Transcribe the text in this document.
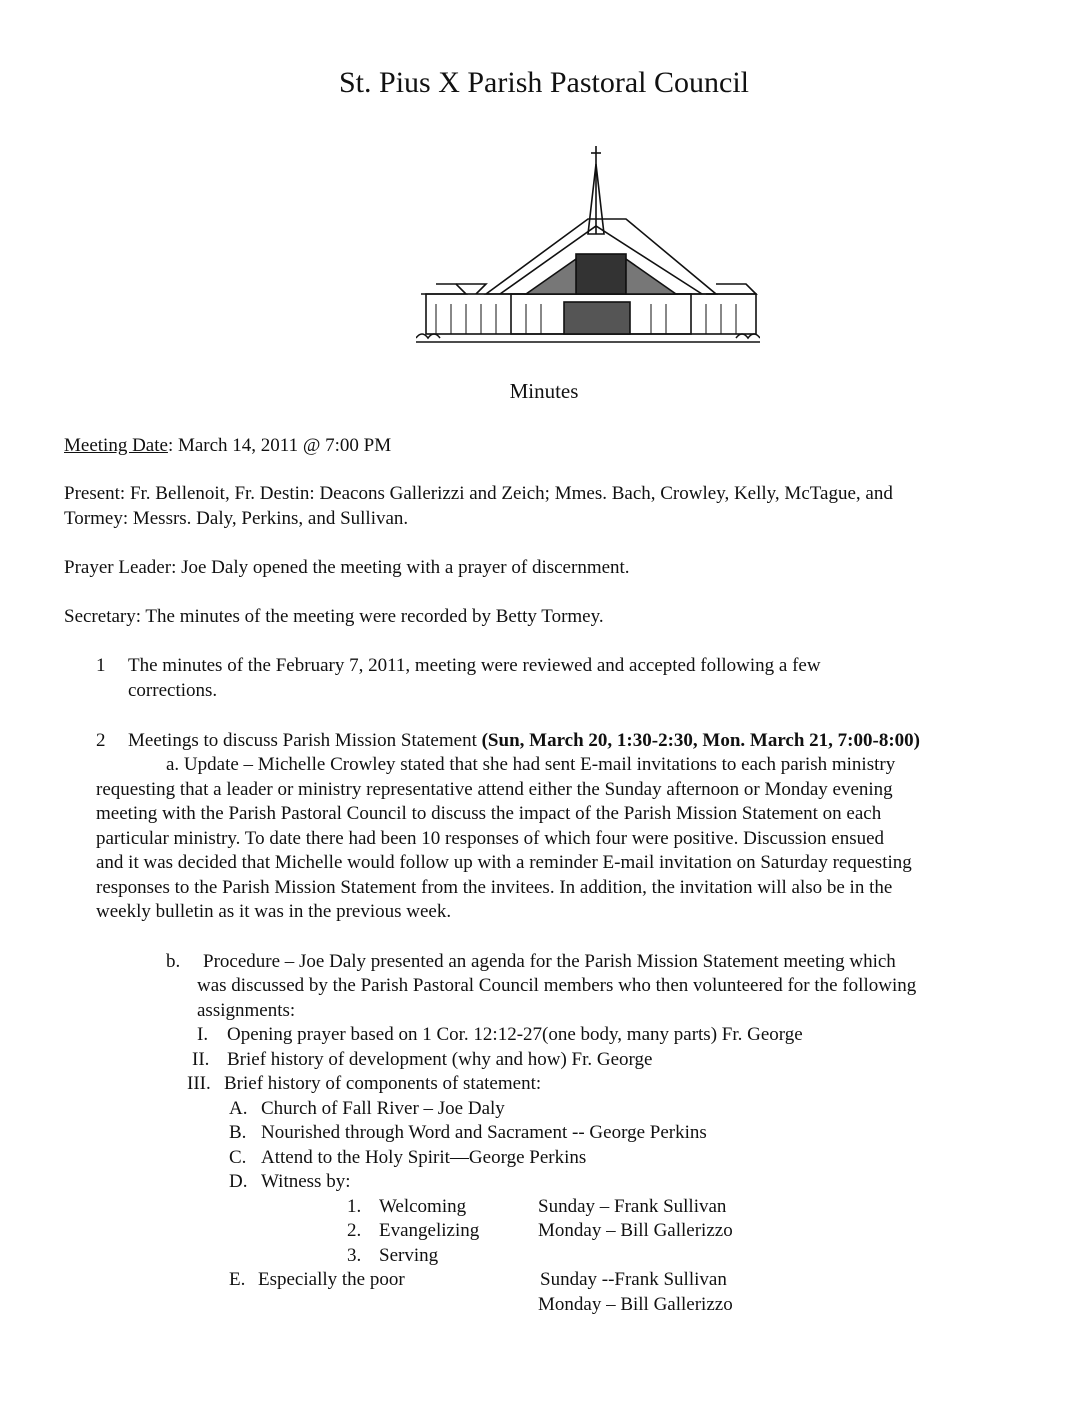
St. Pius X Parish Pastoral Council
Minutes
Meeting Date: March 14, 2011 @ 7:00 PM
Present: Fr. Bellenoit, Fr. Destin: Deacons Gallerizzi and Zeich; Mmes. Bach, Crowley, Kelly, McTague, and
Tormey: Messrs. Daly, Perkins, and Sullivan.
Prayer Leader: Joe Daly opened the meeting with a prayer of discernment.
Secretary: The minutes of the meeting were recorded by Betty Tormey.
1 The minutes of the February 7, 2011, meeting were reviewed and accepted following a few
corrections.
2 Meetings to discuss Parish Mission Statement (Sun, March 20, 1:30-2:30, Mon. March 21, 7:00-8:00)
a. Update – Michelle Crowley stated that she had sent E-mail invitations to each parish ministry
requesting that a leader or ministry representative attend either the Sunday afternoon or Monday evening
meeting with the Parish Pastoral Council to discuss the impact of the Parish Mission Statement on each
particular ministry. To date there had been 10 responses of which four were positive. Discussion ensued
and it was decided that Michelle would follow up with a reminder E-mail invitation on Saturday requesting
responses to the Parish Mission Statement from the invitees. In addition, the invitation will also be in the
weekly bulletin as it was in the previous week.
b. Procedure – Joe Daly presented an agenda for the Parish Mission Statement meeting which
was discussed by the Parish Pastoral Council members who then volunteered for the following
assignments:
I. Opening prayer based on 1 Cor. 12:12-27(one body, many parts) Fr. George
II. Brief history of development (why and how) Fr. George
III. Brief history of components of statement:
A. Church of Fall River – Joe Daly
B. Nourished through Word and Sacrament -- George Perkins
C. Attend to the Holy Spirit—George Perkins
D. Witness by:
1. Welcoming	Sunday – Frank Sullivan
2. Evangelizing	Monday – Bill Gallerizzo
3. Serving
E. Especially the poor	Sunday --Frank Sullivan
Monday – Bill Gallerizzo
